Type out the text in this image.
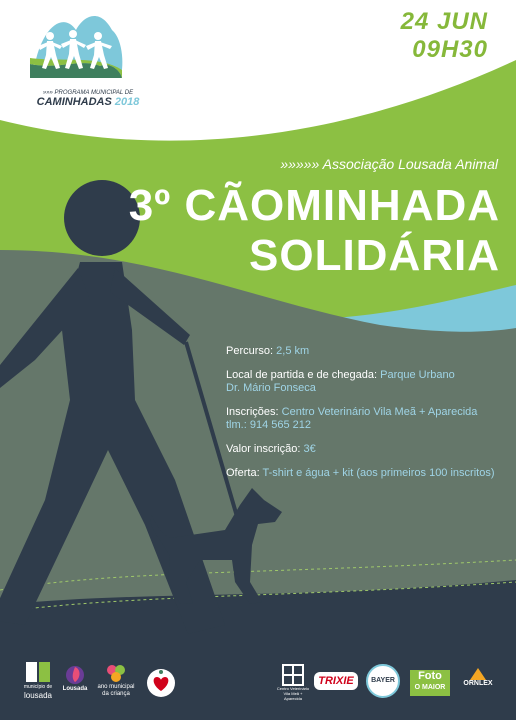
»»» PROGRAMA MUNICIPAL DE
CAMINHADAS 2018
24 JUN
09H30
»»»»» Associação Lousada Animal
3º CÃOMINHADA
SOLIDÁRIA
Percurso: 2,5 km
Local de partida e de chegada: Parque Urbano
Dr. Mário Fonseca
Inscrições: Centro Veterinário Vila Meã + Aparecida
tlm.: 914 565 212
Valor inscrição: 3€
Oferta: T-shirt e água + kit (aos primeiros 100 inscritos)
município de
lousada
Lousada	ano municipal
da criança
Centro Veterinário
Vila Meã +
Aparecida
TRIXIE	BAYER	Foto
O MAIOR
ORNLEX
